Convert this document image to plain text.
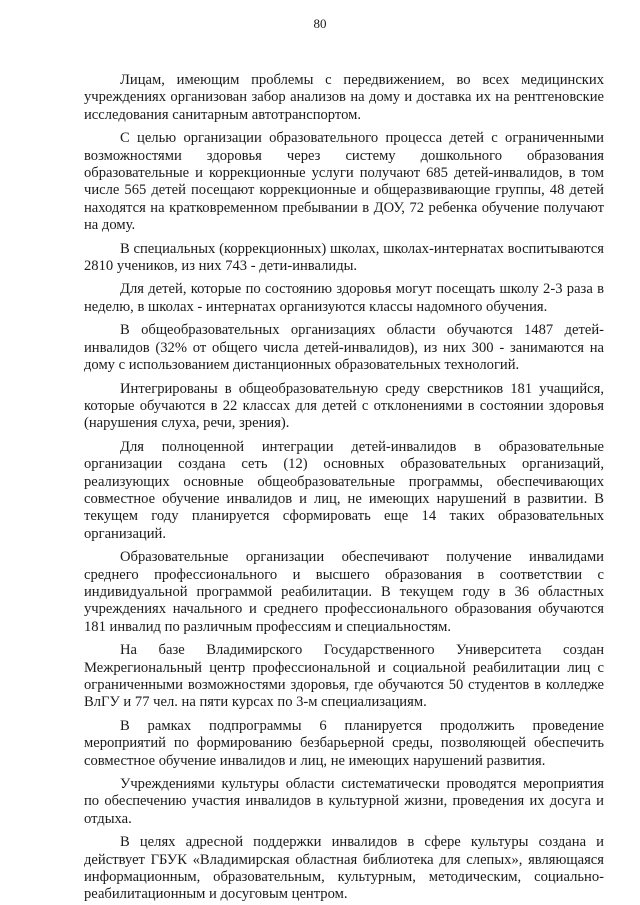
80

Лицам, имеющим проблемы с передвижением, во всех медицинских учреждениях организован забор анализов на дому и доставка их на рентгеновские исследования санитарным автотранспортом.

С целью организации образовательного процесса детей с ограниченными возможностями здоровья через систему дошкольного образования образовательные и коррекционные услуги получают 685 детей-инвалидов, в том числе 565 детей посещают коррекционные и общеразвивающие группы, 48 детей находятся на кратковременном пребывании в ДОУ, 72 ребенка обучение получают на дому.

В специальных (коррекционных) школах, школах-интернатах воспитываются 2810 учеников, из них 743 - дети-инвалиды.

Для детей, которые по состоянию здоровья могут посещать школу 2-3 раза в неделю, в школах - интернатах организуются классы надомного обучения.

В общеобразовательных организациях области обучаются 1487 детей-инвалидов (32% от общего числа детей-инвалидов), из них 300 - занимаются на дому с использованием дистанционных образовательных технологий.

Интегрированы в общеобразовательную среду сверстников 181 учащийся, которые обучаются в 22 классах для детей с отклонениями в состоянии здоровья (нарушения слуха, речи, зрения).

Для полноценной интеграции детей-инвалидов в образовательные организации создана сеть (12) основных образовательных организаций, реализующих основные общеобразовательные программы, обеспечивающих совместное обучение инвалидов и лиц, не имеющих нарушений в развитии. В текущем году планируется сформировать еще 14 таких образовательных организаций.

Образовательные организации обеспечивают получение инвалидами среднего профессионального и высшего образования в соответствии с индивидуальной программой реабилитации. В текущем году в 36 областных учреждениях начального и среднего профессионального образования обучаются 181 инвалид по различным профессиям и специальностям.

На базе Владимирского Государственного Университета создан Межрегиональный центр профессиональной и социальной реабилитации лиц с ограниченными возможностями здоровья, где обучаются 50 студентов в колледже ВлГУ и 77 чел. на пяти курсах по 3-м специализациям.

В рамках подпрограммы 6 планируется продолжить проведение мероприятий по формированию безбарьерной среды, позволяющей обеспечить совместное обучение инвалидов и лиц, не имеющих нарушений развития.

Учреждениями культуры области систематически проводятся мероприятия по обеспечению участия инвалидов в культурной жизни, проведения их досуга и отдыха.

В целях адресной поддержки инвалидов в сфере культуры создана и действует ГБУК «Владимирская областная библиотека для слепых», являющаяся информационным, образовательным, культурным, методическим, социально-реабилитационным и досуговым центром.
